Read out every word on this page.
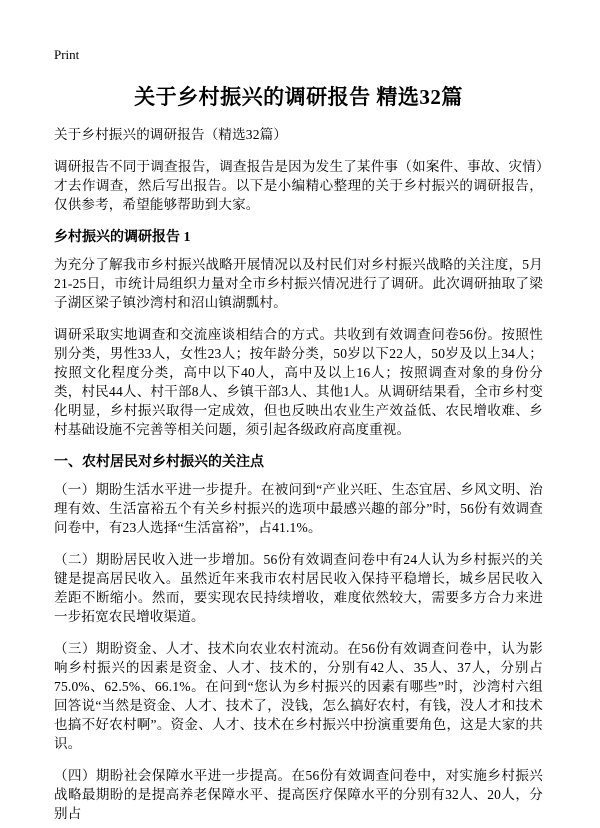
Print
关于乡村振兴的调研报告 精选32篇

关于乡村振兴的调研报告（精选32篇）

调研报告不同于调查报告，调查报告是因为发生了某件事（如案件、事故、灾情）才去作调查，然后写出报告。以下是小编精心整理的关于乡村振兴的调研报告，仅供参考，希望能够帮助到大家。

乡村振兴的调研报告 1

为充分了解我市乡村振兴战略开展情况以及村民们对乡村振兴战略的关注度，5月21-25日，市统计局组织力量对全市乡村振兴情况进行了调研。此次调研抽取了梁子湖区梁子镇沙湾村和沼山镇湖瓢村。

调研采取实地调查和交流座谈相结合的方式。共收到有效调查问卷56份。按照性别分类，男性33人，女性23人；按年龄分类，50岁以下22人，50岁及以上34人；按照文化程度分类，高中以下40人，高中及以上16人；按照调查对象的身份分类，村民44人、村干部8人、乡镇干部3人、其他1人。从调研结果看，全市乡村变化明显，乡村振兴取得一定成效，但也反映出农业生产效益低、农民增收难、乡村基础设施不完善等相关问题，须引起各级政府高度重视。

一、农村居民对乡村振兴的关注点

（一）期盼生活水平进一步提升。在被问到“产业兴旺、生态宜居、乡风文明、治理有效、生活富裕五个有关乡村振兴的选项中最感兴趣的部分”时，56份有效调查问卷中，有23人选择“生活富裕”，占41.1%。

（二）期盼居民收入进一步增加。56份有效调查问卷中有24人认为乡村振兴的关键是提高居民收入。虽然近年来我市农村居民收入保持平稳增长，城乡居民收入差距不断缩小。然而，要实现农民持续增收，难度依然较大，需要多方合力来进一步拓宽农民增收渠道。

（三）期盼资金、人才、技术向农业农村流动。在56份有效调查问卷中，认为影响乡村振兴的因素是资金、人才、技术的，分别有42人、35人、37人，分别占75.0%、62.5%、66.1%。在问到“您认为乡村振兴的因素有哪些”时，沙湾村六组回答说“当然是资金、人才、技术了，没钱，怎么搞好农村，有钱，没人才和技术也搞不好农村啊”。资金、人才、技术在乡村振兴中扮演重要角色，这是大家的共识。

（四）期盼社会保障水平进一步提高。在56份有效调查问卷中，对实施乡村振兴战略最期盼的是提高养老保障水平、提高医疗保障水平的分别有32人、20人，分别占
